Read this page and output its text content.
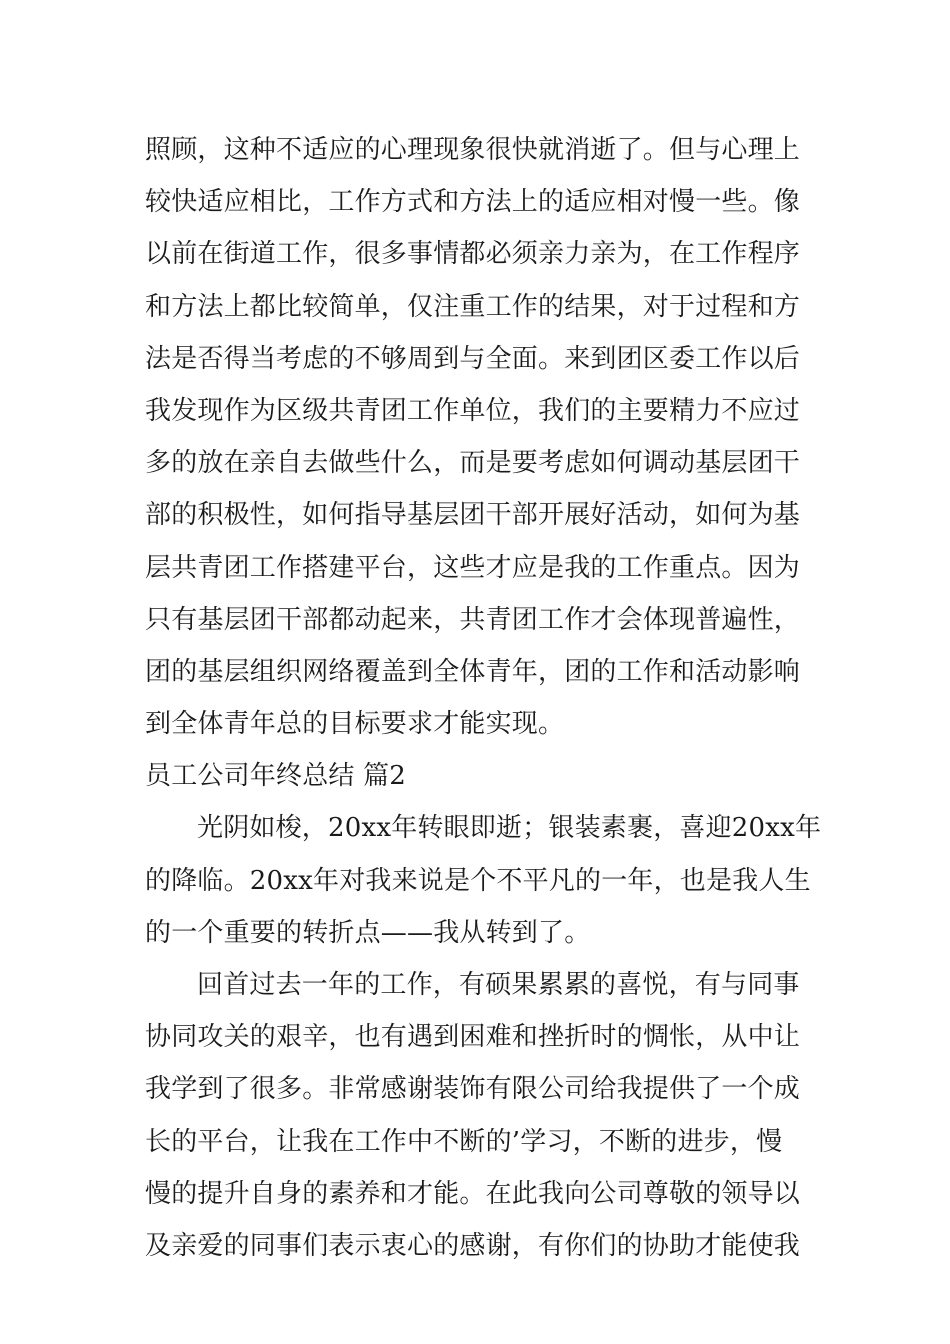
照顾，这种不适应的心理现象很快就消逝了。但与心理上
较快适应相比，工作方式和方法上的适应相对慢一些。像
以前在街道工作，很多事情都必须亲力亲为，在工作程序
和方法上都比较简单，仅注重工作的结果，对于过程和方
法是否得当考虑的不够周到与全面。来到团区委工作以后
我发现作为区级共青团工作单位，我们的主要精力不应过
多的放在亲自去做些什么，而是要考虑如何调动基层团干
部的积极性，如何指导基层团干部开展好活动，如何为基
层共青团工作搭建平台，这些才应是我的工作重点。因为
只有基层团干部都动起来，共青团工作才会体现普遍性，
团的基层组织网络覆盖到全体青年，团的工作和活动影响
到全体青年总的目标要求才能实现。
员工公司年终总结 篇2
光阴如梭，20xx年转眼即逝；银装素裹，喜迎20xx年
的降临。20xx年对我来说是个不平凡的一年，也是我人生
的一个重要的转折点——我从转到了。
回首过去一年的工作，有硕果累累的喜悦，有与同事
协同攻关的艰辛，也有遇到困难和挫折时的惆怅，从中让
我学到了很多。非常感谢装饰有限公司给我提供了一个成
长的平台，让我在工作中不断的’学习，不断的进步，慢
慢的提升自身的素养和才能。在此我向公司尊敬的领导以
及亲爱的同事们表示衷心的感谢，有你们的协助才能使我
